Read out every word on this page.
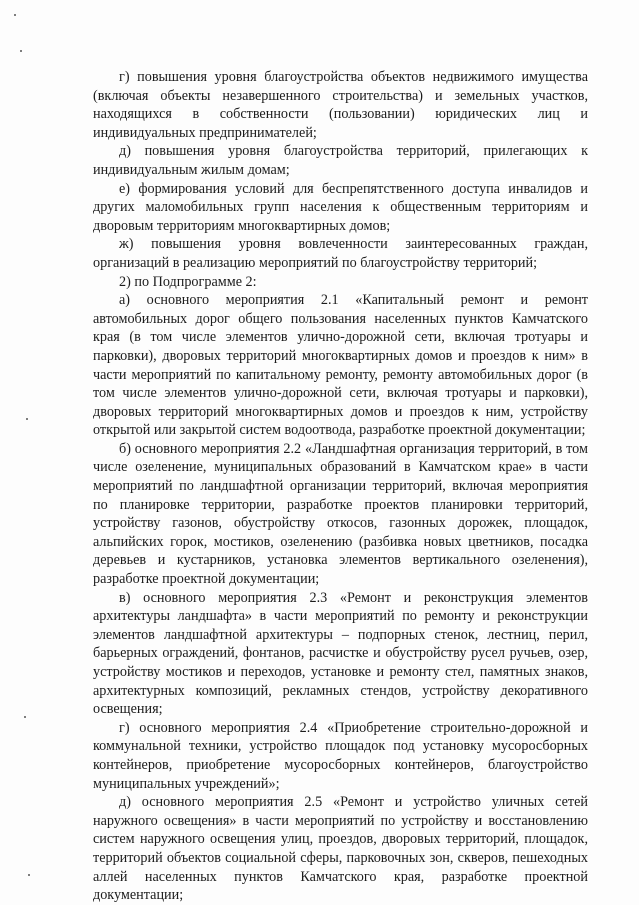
г) повышения уровня благоустройства объектов недвижимого имущества (включая объекты незавершенного строительства) и земельных участков, находящихся в собственности (пользовании) юридических лиц и индивидуальных предпринимателей;

д) повышения уровня благоустройства территорий, прилегающих к индивидуальным жилым домам;

е) формирования условий для беспрепятственного доступа инвалидов и других маломобильных групп населения к общественным территориям и дворовым территориям многоквартирных домов;

ж) повышения уровня вовлеченности заинтересованных граждан, организаций в реализацию мероприятий по благоустройству территорий;

2) по Подпрограмме 2:

а) основного мероприятия 2.1 «Капитальный ремонт и ремонт автомобильных дорог общего пользования населенных пунктов Камчатского края (в том числе элементов улично-дорожной сети, включая тротуары и парковки), дворовых территорий многоквартирных домов и проездов к ним» в части мероприятий по капитальному ремонту, ремонту автомобильных дорог (в том числе элементов улично-дорожной сети, включая тротуары и парковки), дворовых территорий многоквартирных домов и проездов к ним, устройству открытой или закрытой систем водоотвода, разработке проектной документации;

б) основного мероприятия 2.2 «Ландшафтная организация территорий, в том числе озеленение, муниципальных образований в Камчатском крае» в части мероприятий по ландшафтной организации территорий, включая мероприятия по планировке территории, разработке проектов планировки территорий, устройству газонов, обустройству откосов, газонных дорожек, площадок, альпийских горок, мостиков, озеленению (разбивка новых цветников, посадка деревьев и кустарников, установка элементов вертикального озеленения), разработке проектной документации;

в) основного мероприятия 2.3 «Ремонт и реконструкция элементов архитектуры ландшафта» в части мероприятий по ремонту и реконструкции элементов ландшафтной архитектуры – подпорных стенок, лестниц, перил, барьерных ограждений, фонтанов, расчистке и обустройству русел ручьев, озер, устройству мостиков и переходов, установке и ремонту стел, памятных знаков, архитектурных композиций, рекламных стендов, устройству декоративного освещения;

г) основного мероприятия 2.4 «Приобретение строительно-дорожной и коммунальной техники, устройство площадок под установку мусоросборных контейнеров, приобретение мусоросборных контейнеров, благоустройство муниципальных учреждений»;

д) основного мероприятия 2.5 «Ремонт и устройство уличных сетей наружного освещения» в части мероприятий по устройству и восстановлению систем наружного освещения улиц, проездов, дворовых территорий, площадок, территорий объектов социальной сферы, парковочных зон, скверов, пешеходных аллей населенных пунктов Камчатского края, разработке проектной документации;
